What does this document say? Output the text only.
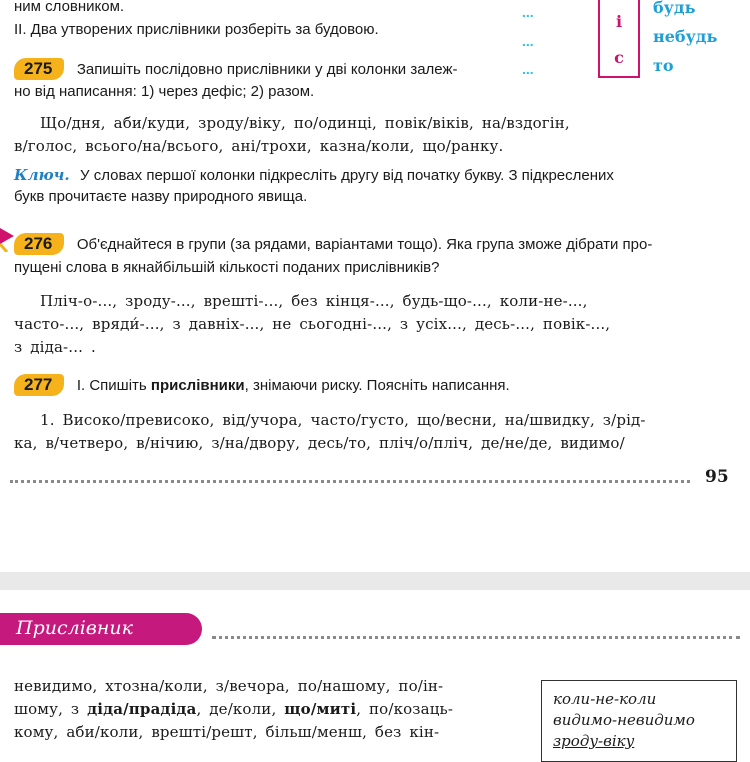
ним словником.
ІІ. Два утворених прислівники розберіть за будовою.
...
...
...
і
с
будь
небудь
то
275 Запишіть послідовно прислівники у дві колонки залеж-
но від написання: 1) через дефіс; 2) разом.
Що/дня, аби/куди, зроду/віку, по/одинці, повік/віків, на/вздогін,
в/голос, всього/на/всього, ані/трохи, казна/коли, що/ранку.
Ключ. У словах першої колонки підкресліть другу від початку букву. З підкреслених
букв прочитаєте назву природного явища.
276 Об'єднайтеся в групи (за рядами, варіантами тощо). Яка група зможе дібрати про-
пущені слова в якнайбільшій кількості поданих прислівників?
Пліч-о-..., зроду-..., врешті-..., без кінця-..., будь-що-..., коли-не-...,
часто-..., вряди́-..., з давніх-..., не сьогодні-..., з усіх..., десь-..., повік-...,
з діда-... .
277 І. Спишіть прислівники, знімаючи риску. Поясніть написання.
1. Високо/превисоко, від/учора, часто/густо, що/весни, на/швидку, з/рід-
ка, в/четверо, в/нічию, з/на/двору, десь/то, пліч/о/пліч, де/не/де, видимо/
95
Прислівник
невидимо, хтозна/коли, з/вечора, по/нашому, по/ін-
шому, з діда/прадіда, де/коли, що/миті, по/козаць-
кому, аби/коли, врешті/решт, більш/менш, без кін-
коли-не-коли
видимо-невидимо
зроду-віку
